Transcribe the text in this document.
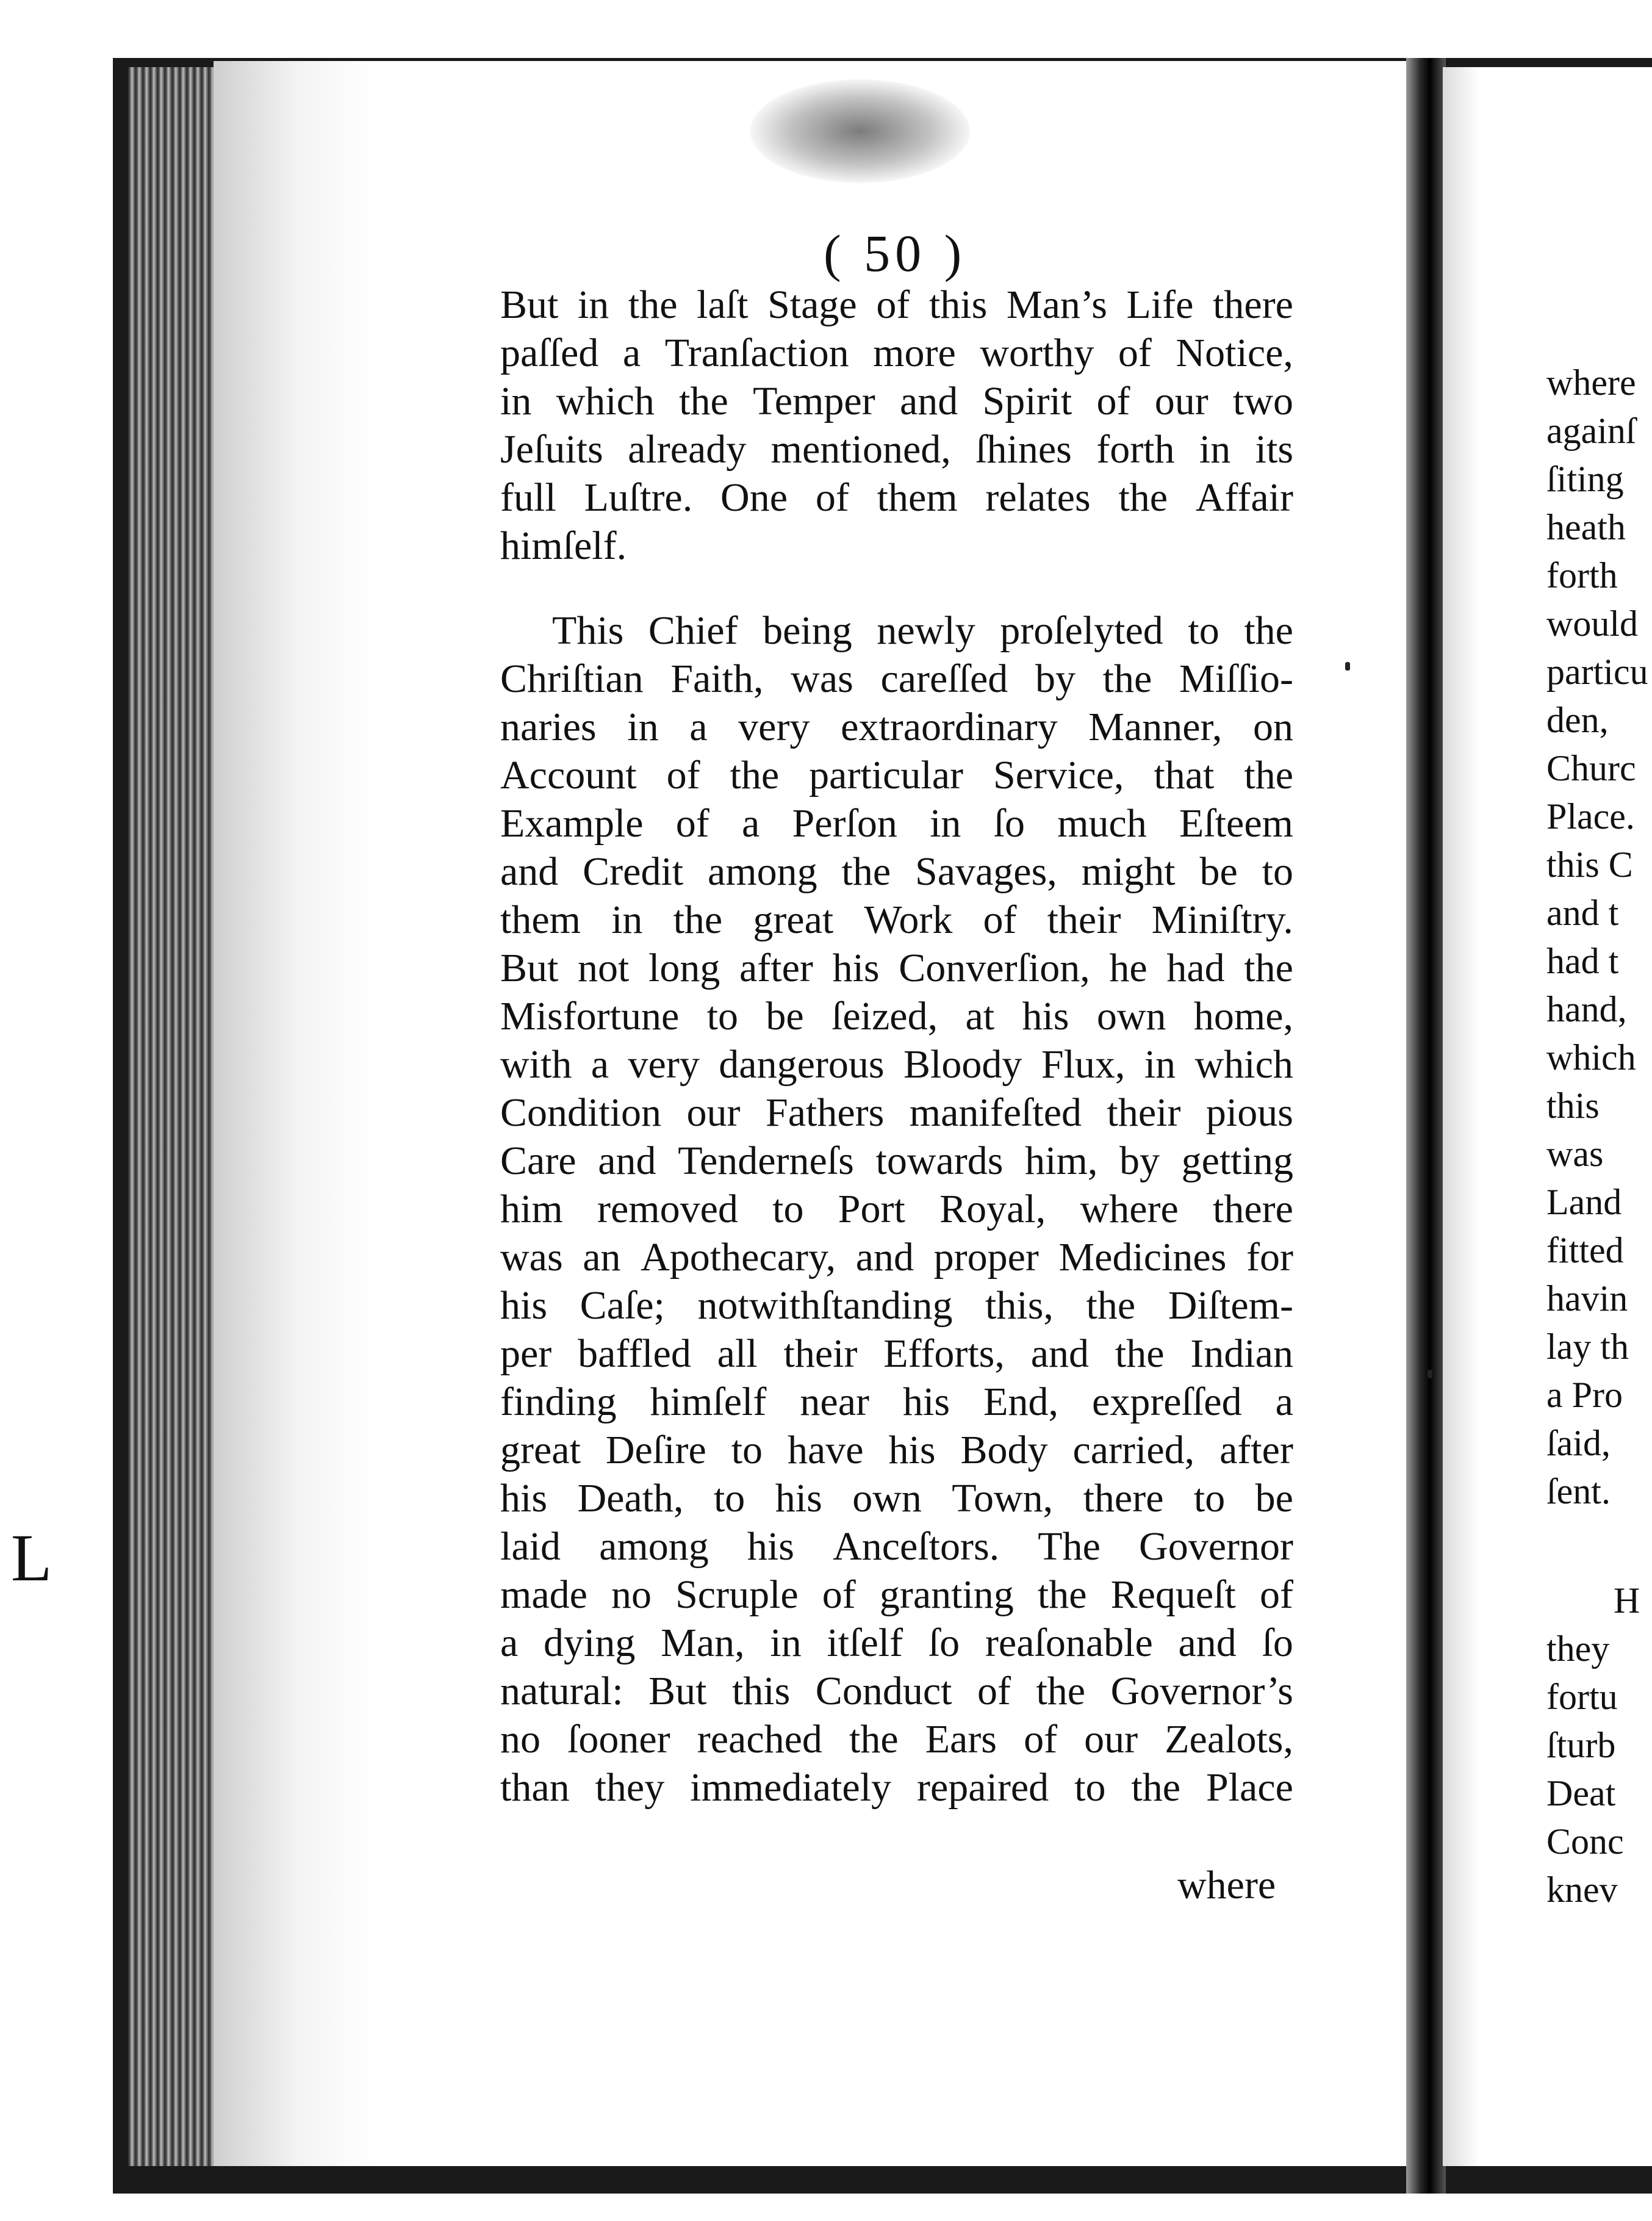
L
( 50 )
But in the laſt Stage of this Man’s Life there
paſſed a Tranſaction more worthy of Notice,
in which the Temper and Spirit of our two
Jeſuits already mentioned, ſhines forth in its
full Luſtre. One of them relates the Affair
himſelf.
This Chief being newly proſelyted to the
Chriſtian Faith, was careſſed by the Miſſio-
naries in a very extraordinary Manner, on
Account of the particular Service, that the
Example of a Perſon in ſo much Eſteem
and Credit among the Savages, might be to
them in the great Work of their Miniſtry.
But not long after his Converſion, he had the
Misfortune to be ſeized, at his own home,
with a very dangerous Bloody Flux, in which
Condition our Fathers manifeſted their pious
Care and Tenderneſs towards him, by getting
him removed to Port Royal, where there
was an Apothecary, and proper Medicines for
his Caſe; notwithſtanding this, the Diſtem-
per baffled all their Efforts, and the Indian
finding himſelf near his End, expreſſed a
great Deſire to have his Body carried, after
his Death, to his own Town, there to be
laid among his Anceſtors. The Governor
made no Scruple of granting the Requeſt of
a dying Man, in itſelf ſo reaſonable and ſo
natural: But this Conduct of the Governor’s
no ſooner reached the Ears of our Zealots,
than they immediately repaired to the Place
where
where
againſ
ſiting
heath
forth
would
particu
den,
Churc
Place.
this C
and t
had t
hand,
which
this
was
Land
fitted
havin
lay th
a Pro
ſaid,
ſent.
H
they
fortu
ſturb
Deat
Conc
knev
